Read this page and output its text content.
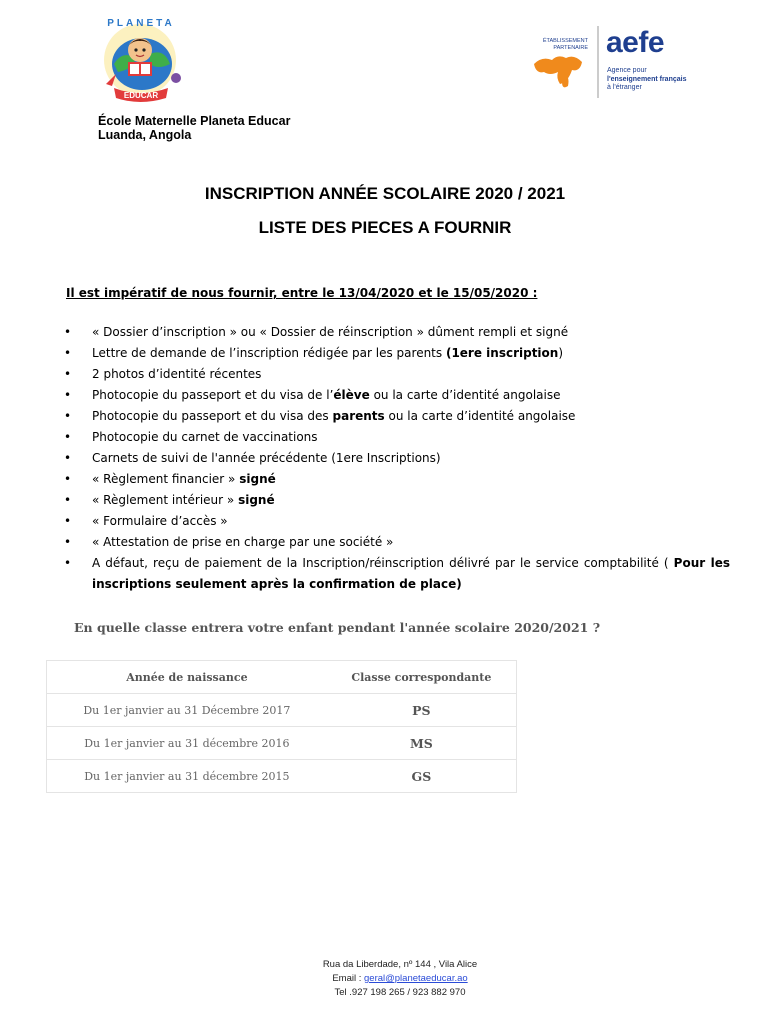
EDUCAR
PLANETA
ÉTABLISSEMENT PARTENAIRE aefe
Agence pour
l'enseignement français
à l'étranger
École Maternelle Planeta Educar
Luanda, Angola
INSCRIPTION ANNÉE SCOLAIRE 2020 / 2021
LISTE DES PIECES A FOURNIR
Il est impératif de nous fournir, entre le 13/04/2020 et le 15/05/2020 :
• « Dossier d’inscription » ou « Dossier de réinscription » dûment rempli et signé
• Lettre de demande de l’inscription rédigée par les parents (1ere inscription)
• 2 photos d’identité récentes
• Photocopie du passeport et du visa de l’élève ou la carte d’identité angolaise
• Photocopie du passeport et du visa des parents ou la carte d’identité angolaise
• Photocopie du carnet de vaccinations
• Carnets de suivi de l'année précédente (1ere Inscriptions)
• « Règlement financier » signé
• « Règlement intérieur » signé
• « Formulaire d’accès »
• « Attestation de prise en charge par une société »
• A défaut, reçu de paiement de la Inscription/réinscription délivré par le service comptabilité ( Pour les inscriptions seulement après la confirmation de place)
En quelle classe entrera votre enfant pendant l'année scolaire 2020/2021 ?
Année de naissance	Classe correspondante
Du 1er janvier au 31 Décembre 2017	PS
Du 1er janvier au 31 décembre 2016	MS
Du 1er janvier au 31 décembre 2015	GS
Rua da Liberdade, nº 144 , Vila Alice
Email : geral@planetaeducar.ao
Tel .927 198 265 / 923 882 970
